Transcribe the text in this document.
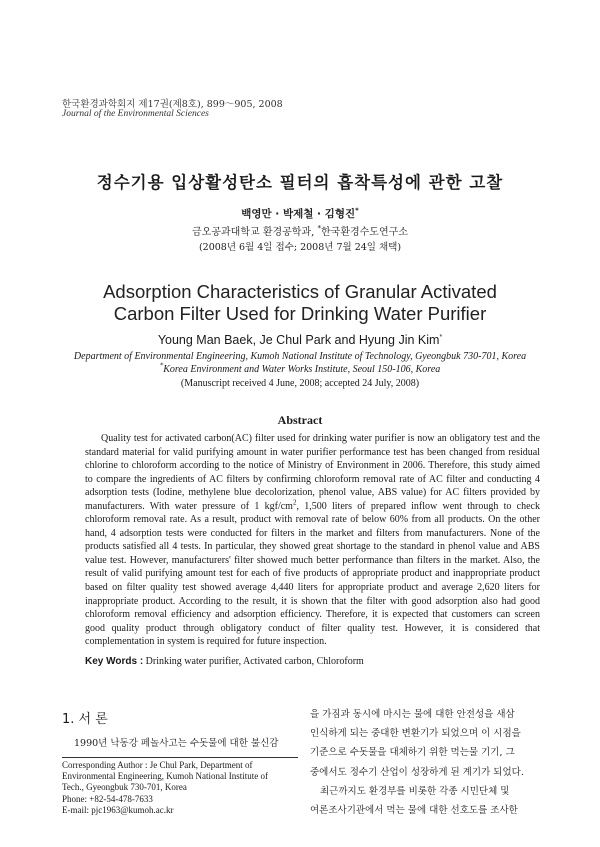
한국환경과학회지 제17권(제8호), 899～905, 2008
Journal of the Environmental Sciences
정수기용 입상활성탄소 필터의 흡착특성에 관한 고찰
백영만 · 박제철 · 김형진*
금오공과대학교 환경공학과, *한국환경수도연구소
(2008년 6월 4일 접수; 2008년 7월 24일 채택)
Adsorption Characteristics of Granular Activated
Carbon Filter Used for Drinking Water Purifier
Young Man Baek, Je Chul Park and Hyung Jin Kim*
Department of Environmental Engineering, Kumoh National Institute of Technology, Gyeongbuk 730-701, Korea
*Korea Environment and Water Works Institute, Seoul 150-106, Korea
(Manuscript received 4 June, 2008; accepted 24 July, 2008)
Abstract

Quality test for activated carbon(AC) filter used for drinking water purifier is now an obligatory test and the standard material for valid purifying amount in water purifier performance test has been changed from residual chlorine to chloroform according to the notice of Ministry of Environment in 2006. Therefore, this study aimed to compare the ingredients of AC filters by confirming chloroform removal rate of AC filter and conducting 4 adsorption tests (Iodine, methylene blue decolorization, phenol value, ABS value) for AC filters provided by manufacturers. With water pressure of 1 kgf/$cm^2$, 1,500 liters of prepared inflow went through to check chloroform removal rate. As a result, product with removal rate of below 60% from all products. On the other hand, 4 adsorption tests were conducted for filters in the market and filters from manufacturers. None of the products satisfied all 4 tests. In particular, they showed great shortage to the standard in phenol value and ABS value test. However, manufacturers' filter showed much better performance than filters in the market. Also, the result of valid purifying amount test for each of five products of appropriate product and inappropriate product based on filter quality test showed average 4,440 liters for appropriate product and average 2,620 liters for inappropriate product. According to the result, it is shown that the filter with good adsorption also had good chloroform removal efficiency and adsorption efficiency. Therefore, it is expected that customers can screen good quality product through obligatory conduct of filter quality test. However, it is considered that complementation in system is required for future inspection.

Key Words : Drinking water purifier, Activated carbon, Chloroform
1. 서 론
1990년 낙동강 페놀사고는 수돗물에 대한 불신감

Corresponding Author : Je Chul Park, Department of

Environmental Engineering, Kumoh National Institute of

Tech., Gyeongbuk 730-701, Korea

Phone: +82-54-478-7633

E-mail: pjc1963@kumoh.ac.kr

을 가짐과 동시에 마시는 물에 대한 안전성을 새삼

인식하게 되는 중대한 변환기가 되었으며 이 시점을

기준으로 수돗물을 대체하기 위한 먹는물 기기, 그

중에서도 정수기 산업이 성장하게 된 계기가 되었다.

최근까지도 환경부를 비롯한 각종 시민단체 및

여론조사기관에서 먹는 물에 대한 선호도를 조사한
